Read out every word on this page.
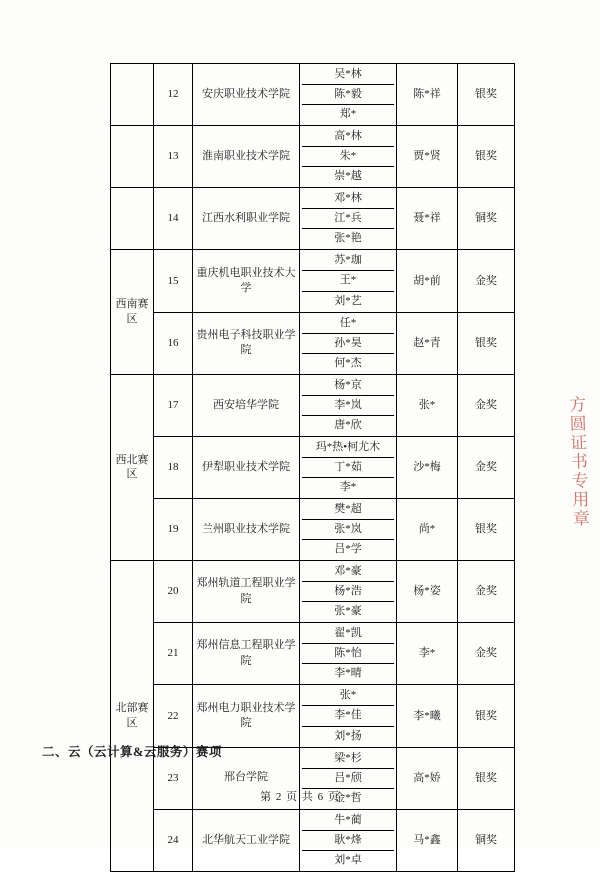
	12	安庆职业技术学院	吴*林
陈*毅
郑*	陈*祥	银奖
	13	淮南职业技术学院	高*林
朱*
崇*越	贾*贤	银奖
	14	江西水利职业学院	邓*林
江*兵
张*艳	聂*祥	铜奖
西南赛区	15	重庆机电职业技术大学	苏*珈
王*
刘*艺	胡*前	金奖
	16	贵州电子科技职业学院	任*
孙*昊
何*杰	赵*青	银奖
西北赛区	17	西安培华学院	杨*京
李*岚
唐*欣	张*	金奖
	18	伊犁职业技术学院	玛*热•柯尤木
丁*茹
李*	沙*梅	金奖
	19	兰州职业技术学院	樊*超
张*岚
吕*学	尚*	银奖
北部赛区	20	郑州轨道工程职业学院	邓*豪
杨*浩
张*豪	杨*姿	金奖
	21	郑州信息工程职业学院	翟*凯
陈*怡
李*晴	李*	金奖
	22	郑州电力职业技术学院	张*
李*佳
刘*扬	李*曦	银奖
	23	邢台学院	梁*杉
吕*颀
金*哲	高*娇	银奖
	24	北华航天工业学院	牛*蔺
耿*烽
刘*卓	马*鑫	铜奖
方圆证书专用章
二、云（云计算&云服务）赛项
第 2 页 共 6 页
